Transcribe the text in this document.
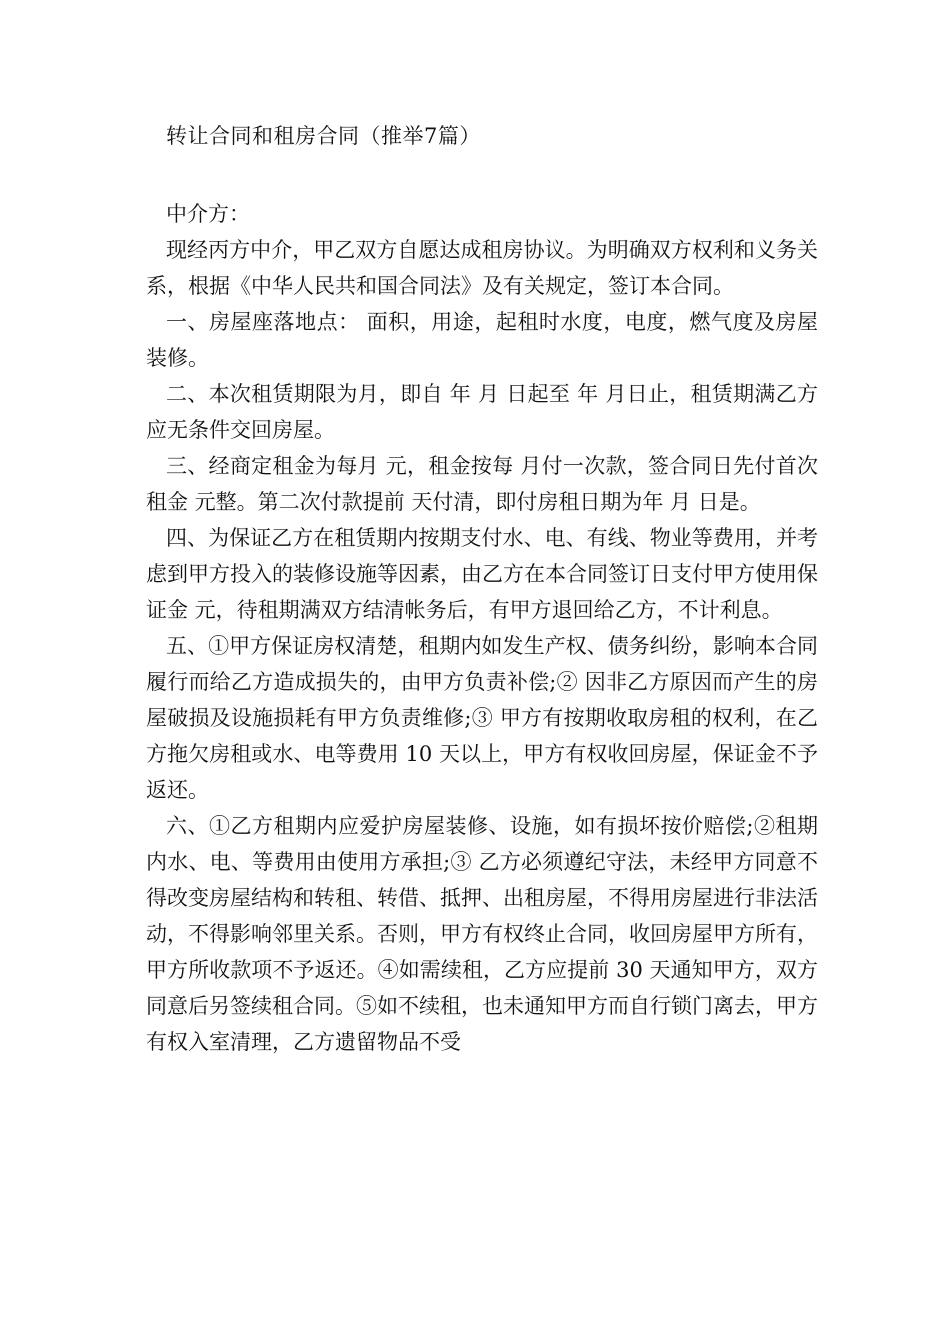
转让合同和租房合同（推举7篇）

中介方：

现经丙方中介，甲乙双方自愿达成租房协议。为明确双方权利和义务关系，根据《中华人民共和国合同法》及有关规定，签订本合同。

一、房屋座落地点： 面积，用途，起租时水度，电度，燃气度及房屋装修。

二、本次租赁期限为月，即自 年 月 日起至 年 月日止，租赁期满乙方应无条件交回房屋。

三、经商定租金为每月 元，租金按每 月付一次款，签合同日先付首次租金 元整。第二次付款提前 天付清，即付房租日期为年 月 日是。

四、为保证乙方在租赁期内按期支付水、电、有线、物业等费用，并考虑到甲方投入的装修设施等因素，由乙方在本合同签订日支付甲方使用保证金 元，待租期满双方结清帐务后，有甲方退回给乙方，不计利息。

五、①甲方保证房权清楚，租期内如发生产权、债务纠纷，影响本合同履行而给乙方造成损失的，由甲方负责补偿;② 因非乙方原因而产生的房屋破损及设施损耗有甲方负责维修;③ 甲方有按期收取房租的权利，在乙方拖欠房租或水、电等费用 10 天以上，甲方有权收回房屋，保证金不予返还。

六、①乙方租期内应爱护房屋装修、设施，如有损坏按价赔偿;②租期内水、电、等费用由使用方承担;③ 乙方必须遵纪守法，未经甲方同意不得改变房屋结构和转租、转借、抵押、出租房屋，不得用房屋进行非法活动，不得影响邻里关系。否则，甲方有权终止合同，收回房屋甲方所有，甲方所收款项不予返还。④如需续租，乙方应提前 30 天通知甲方，双方同意后另签续租合同。⑤如不续租，也未通知甲方而自行锁门离去，甲方有权入室清理，乙方遗留物品不受
